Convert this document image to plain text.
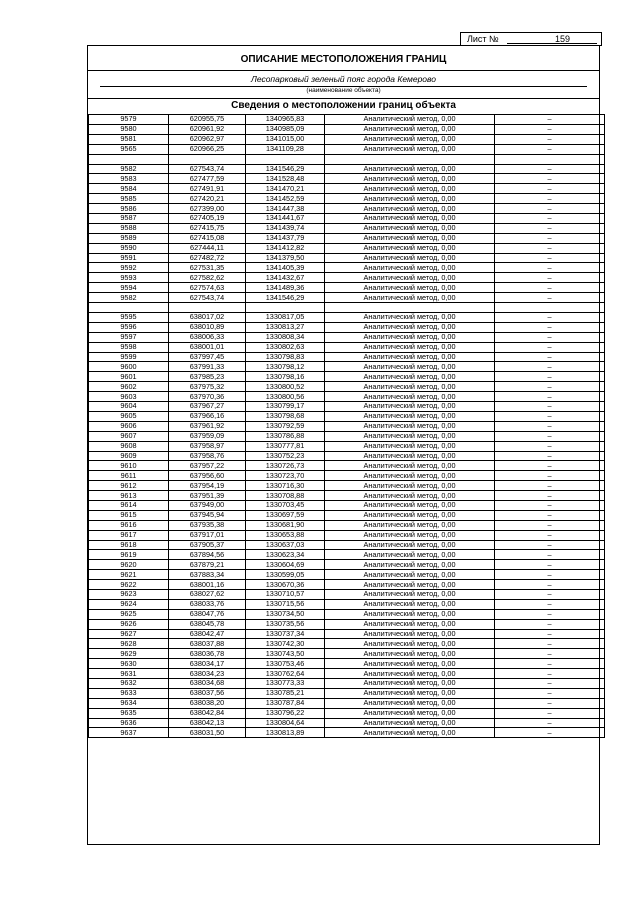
Лист №	159
ОПИСАНИЕ МЕСТОПОЛОЖЕНИЯ ГРАНИЦ
Лесопарковый зеленый пояс города Кемерово
(наименование объекта)
Сведения о местоположении границ объекта
9579	620955,75	1340965,83	Аналитический метод, 0,00	–
9580	620961,92	1340985,09	Аналитический метод, 0,00	–
9581	620962,97	1341015,00	Аналитический метод, 0,00	–
9565	620966,25	1341109,28	Аналитический метод, 0,00	–

9582	627543,74	1341546,29	Аналитический метод, 0,00	–
9583	627477,59	1341528,48	Аналитический метод, 0,00	–
9584	627491,91	1341470,21	Аналитический метод, 0,00	–
9585	627420,21	1341452,59	Аналитический метод, 0,00	–
9586	627399,00	1341447,38	Аналитический метод, 0,00	–
9587	627405,19	1341441,67	Аналитический метод, 0,00	–
9588	627415,75	1341439,74	Аналитический метод, 0,00	–
9589	627415,08	1341437,79	Аналитический метод, 0,00	–
9590	627444,11	1341412,82	Аналитический метод, 0,00	–
9591	627482,72	1341379,50	Аналитический метод, 0,00	–
9592	627531,35	1341405,39	Аналитический метод, 0,00	–
9593	627582,62	1341432,67	Аналитический метод, 0,00	–
9594	627574,63	1341489,36	Аналитический метод, 0,00	–
9582	627543,74	1341546,29	Аналитический метод, 0,00	–

9595	638017,02	1330817,05	Аналитический метод, 0,00	–
9596	638010,89	1330813,27	Аналитический метод, 0,00	–
9597	638006,33	1330808,34	Аналитический метод, 0,00	–
9598	638001,01	1330802,63	Аналитический метод, 0,00	–
9599	637997,45	1330798,83	Аналитический метод, 0,00	–
9600	637991,33	1330798,12	Аналитический метод, 0,00	–
9601	637985,23	1330798,16	Аналитический метод, 0,00	–
9602	637975,32	1330800,52	Аналитический метод, 0,00	–
9603	637970,36	1330800,56	Аналитический метод, 0,00	–
9604	637967,27	1330799,17	Аналитический метод, 0,00	–
9605	637966,16	1330798,68	Аналитический метод, 0,00	–
9606	637961,92	1330792,59	Аналитический метод, 0,00	–
9607	637959,09	1330786,88	Аналитический метод, 0,00	–
9608	637958,97	1330777,81	Аналитический метод, 0,00	–
9609	637958,76	1330752,23	Аналитический метод, 0,00	–
9610	637957,22	1330726,73	Аналитический метод, 0,00	–
9611	637956,60	1330723,70	Аналитический метод, 0,00	–
9612	637954,19	1330716,30	Аналитический метод, 0,00	–
9613	637951,39	1330708,88	Аналитический метод, 0,00	–
9614	637949,00	1330703,45	Аналитический метод, 0,00	–
9615	637945,94	1330697,59	Аналитический метод, 0,00	–
9616	637935,38	1330681,90	Аналитический метод, 0,00	–
9617	637917,01	1330653,88	Аналитический метод, 0,00	–
9618	637905,37	1330637,03	Аналитический метод, 0,00	–
9619	637894,56	1330623,34	Аналитический метод, 0,00	–
9620	637879,21	1330604,69	Аналитический метод, 0,00	–
9621	637883,34	1330599,05	Аналитический метод, 0,00	–
9622	638001,16	1330670,36	Аналитический метод, 0,00	–
9623	638027,62	1330710,57	Аналитический метод, 0,00	–
9624	638033,76	1330715,56	Аналитический метод, 0,00	–
9625	638047,76	1330734,50	Аналитический метод, 0,00	–
9626	638045,78	1330735,56	Аналитический метод, 0,00	–
9627	638042,47	1330737,34	Аналитический метод, 0,00	–
9628	638037,88	1330742,30	Аналитический метод, 0,00	–
9629	638036,78	1330743,50	Аналитический метод, 0,00	–
9630	638034,17	1330753,46	Аналитический метод, 0,00	–
9631	638034,23	1330762,64	Аналитический метод, 0,00	–
9632	638034,68	1330773,33	Аналитический метод, 0,00	–
9633	638037,56	1330785,21	Аналитический метод, 0,00	–
9634	638038,20	1330787,84	Аналитический метод, 0,00	–
9635	638042,84	1330796,22	Аналитический метод, 0,00	–
9636	638042,13	1330804,64	Аналитический метод, 0,00	–
9637	638031,50	1330813,89	Аналитический метод, 0,00	–
